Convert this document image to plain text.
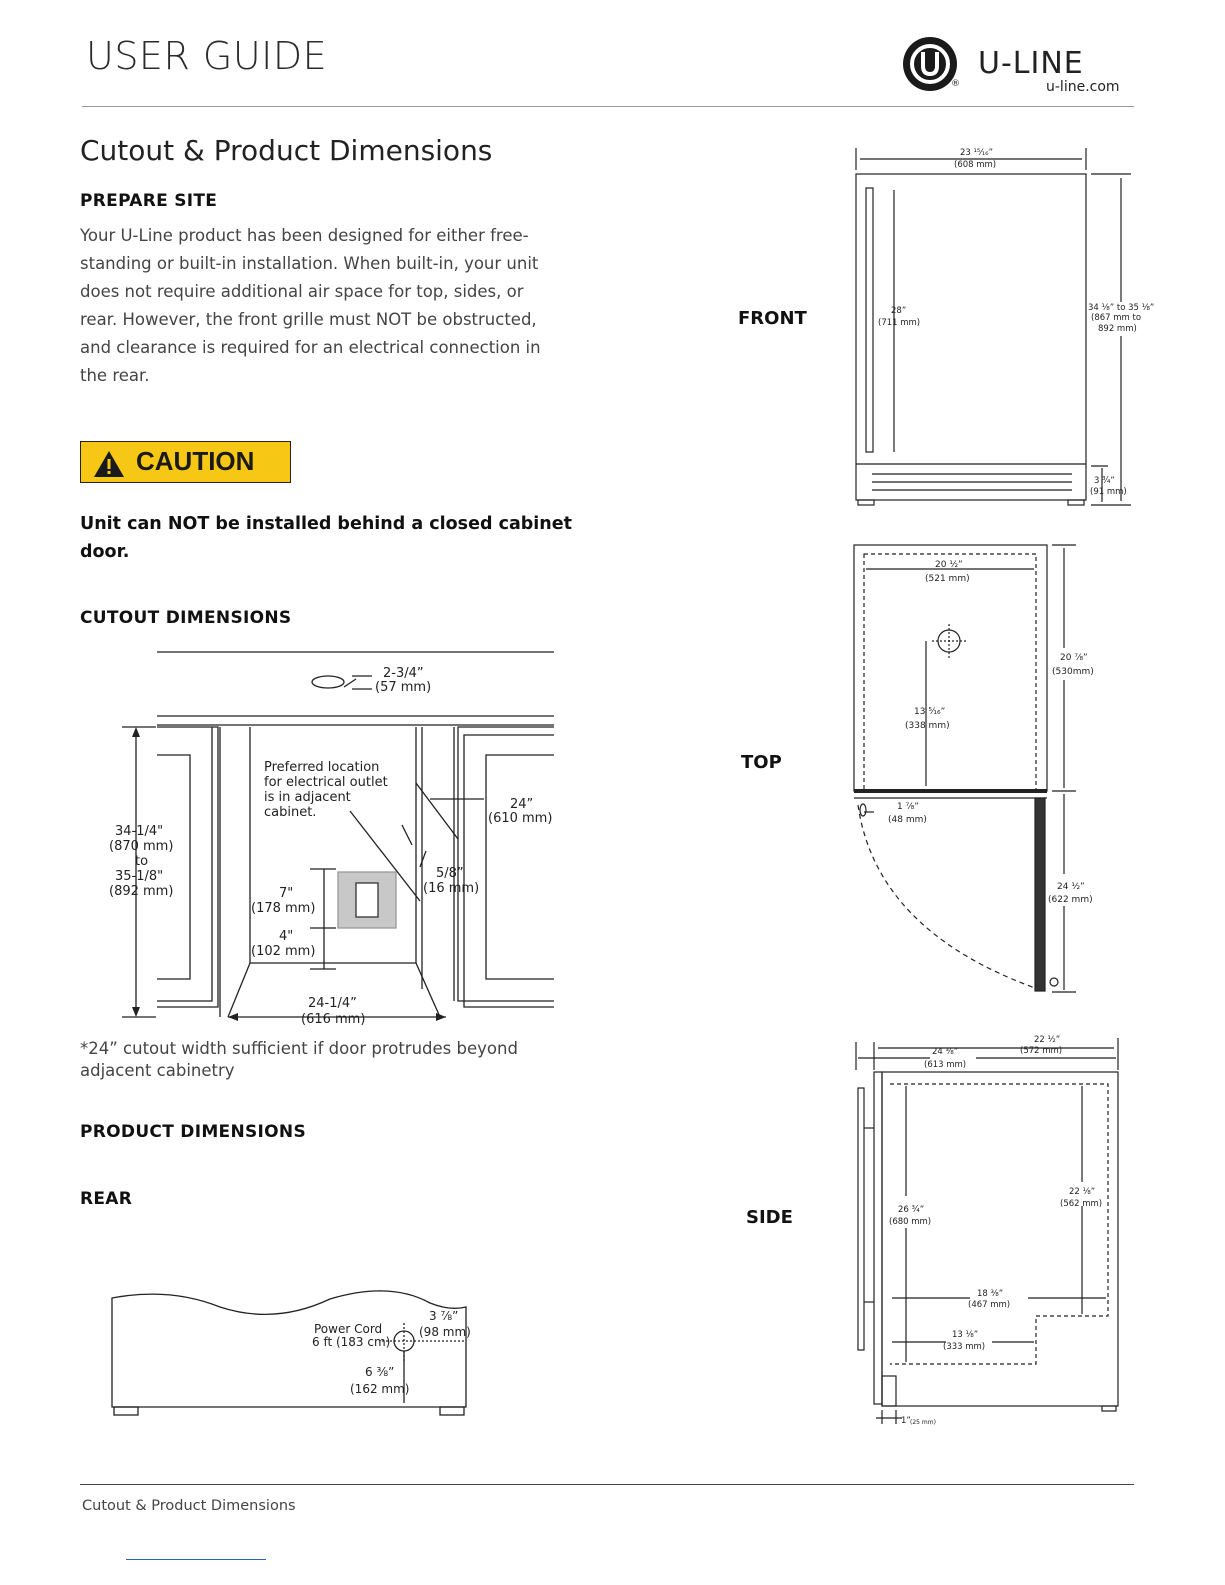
USER GUIDE
®
U-LINE
u-line.com
Cutout & Product Dimensions
PREPARE SITE
Your U-Line product has been designed for either free-standing or built-in installation. When built-in, your unit does not require additional air space for top, sides, or rear. However, the front grille must NOT be obstructed, and clearance is required for an electrical connection in the rear.
CAUTION
Unit can NOT be installed behind a closed cabinet door.
CUTOUT DIMENSIONS
2-3/4”
(57 mm)
34-1/4"
(870 mm)
to
35-1/8"
(892 mm)
Preferred location
for electrical outlet
is in adjacent
cabinet.
24”
(610 mm)
5/8”
(16 mm)
7"
(178 mm)
4"
(102 mm)
24-1/4”
(616 mm)
*24” cutout width sufficient if door protrudes beyond adjacent cabinetry
PRODUCT DIMENSIONS
REAR
Power Cord
6 ft (183 cm)
3 ⅞”
(98 mm)
6 ⅜”
(162 mm)
FRONT
23 ¹⁵⁄₁₆”
(608 mm)
28”
(711 mm)
34 ⅛” to 35 ⅛”
(867 mm to
892 mm)
3 ¾”
(91 mm)
TOP
20 ½”
(521 mm)
20 ⅞”
(530mm)
13 ⁵⁄₁₆”
(338 mm)
1 ⅞”
(48 mm)
24 ½”
(622 mm)
SIDE
22 ½”
(572 mm)
24 ⅜”
(613 mm)
26 ¾”
(680 mm)
22 ⅛”
(562 mm)
18 ⅜”
(467 mm)
13 ⅛”
(333 mm)
1” (25 mm)
Cutout & Product Dimensions
